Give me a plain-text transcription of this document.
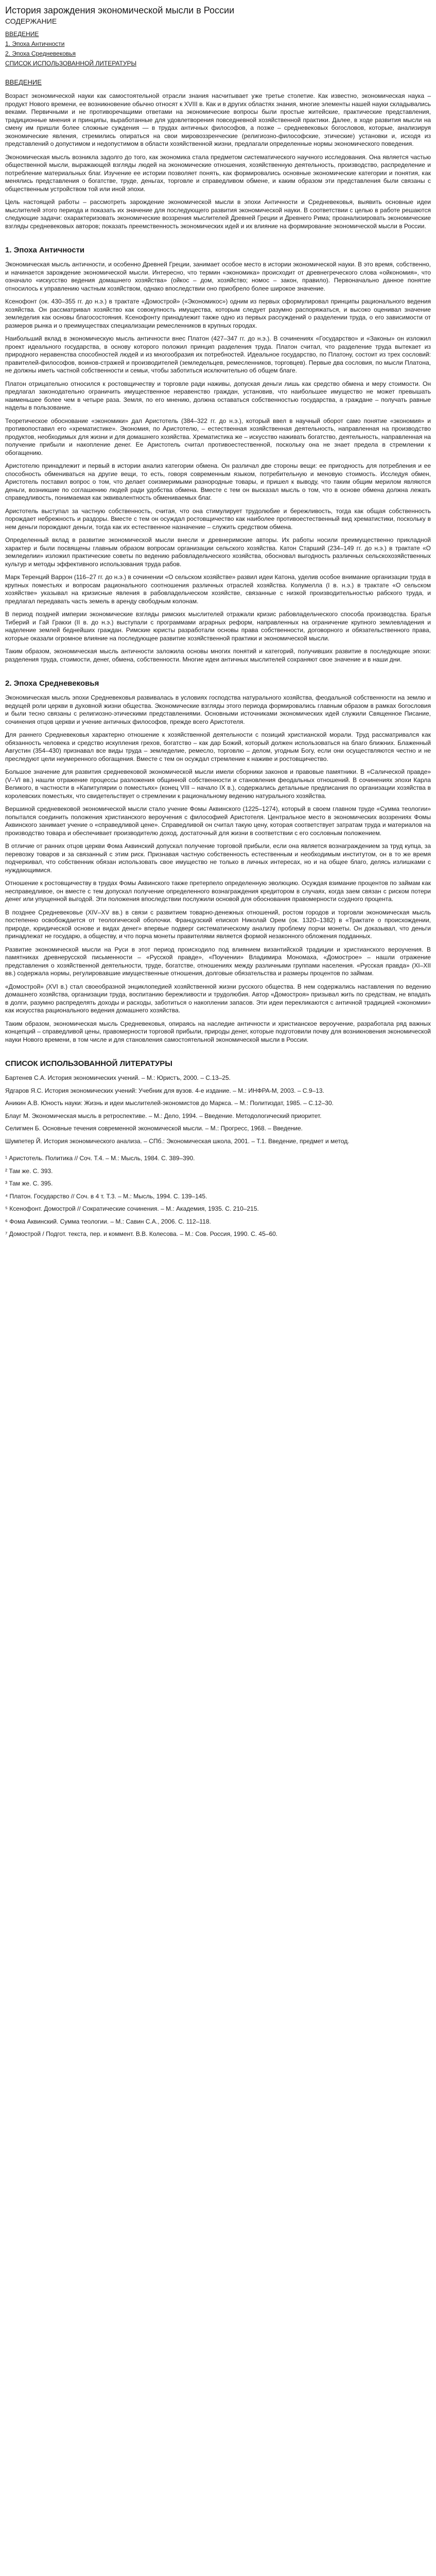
История зарождения экономической мысли в России
СОДЕРЖАНИЕ
ВВЕДЕНИЕ
1. Эпоха Античности
2. Эпоха Средневековья
СПИСОК ИСПОЛЬЗОВАННОЙ ЛИТЕРАТУРЫ
ВВЕДЕНИЕ

Возраст экономической науки как самостоятельной отрасли знания насчитывает уже третье столетие. Как известно, экономическая наука – продукт Нового времени, ее возникновение обычно относят к XVIII в. Как и в других областях знания, многие элементы нашей науки складывались веками. Первичными и не противоречащими ответами на экономические вопросы были простые житейские, практические представления, традиционные мнения и принципы, выработанные для удовлетворения повседневной хозяйственной практики. Далее, в ходе развития мысли на смену им пришли более сложные суждения — в трудах античных философов, а позже – средневековых богословов, которые, анализируя экономические явления, стремились опираться на свои мировоззренческие (религиозно-философские, этические) установки и, исходя из представлений о допустимом и недопустимом в области хозяйственной жизни, предлагали определенные нормы экономического поведения.

Экономическая мысль возникла задолго до того, как экономика стала предметом систематического научного исследования. Она является частью общественной мысли, выражающей взгляды людей на экономические отношения, хозяйственную деятельность, производство, распределение и потребление материальных благ. Изучение ее истории позволяет понять, как формировались основные экономические категории и понятия, как менялись представления о богатстве, труде, деньгах, торговле и справедливом обмене, и каким образом эти представления были связаны с общественным устройством той или иной эпохи.

Цель настоящей работы – рассмотреть зарождение экономической мысли в эпохи Античности и Средневековья, выявить основные идеи мыслителей этого периода и показать их значение для последующего развития экономической науки. В соответствии с целью в работе решаются следующие задачи: охарактеризовать экономические воззрения мыслителей Древней Греции и Древнего Рима; проанализировать экономические взгляды средневековых авторов; показать преемственность экономических идей и их влияние на формирование экономической мысли в России.

1. Эпоха Античности

Экономическая мысль античности, и особенно Древней Греции, занимает особое место в истории экономической науки. В это время, собственно, и начинается зарождение экономической мысли. Интересно, что термин «экономика» происходит от древнегреческого слова «ойкономия», что означало «искусство ведения домашнего хозяйства» (ойкос – дом, хозяйство; номос – закон, правило). Первоначально данное понятие относилось к управлению частным хозяйством, однако впоследствии оно приобрело более широкое значение.

Ксенофонт (ок. 430–355 гг. до н.э.) в трактате «Домострой» («Экономикос») одним из первых сформулировал принципы рационального ведения хозяйства. Он рассматривал хозяйство как совокупность имущества, которым следует разумно распоряжаться, и высоко оценивал значение земледелия как основы благосостояния. Ксенофонту принадлежит также одно из первых рассуждений о разделении труда, о его зависимости от размеров рынка и о преимуществах специализации ремесленников в крупных городах.

Наибольший вклад в экономическую мысль античности внес Платон (427–347 гг. до н.э.). В сочинениях «Государство» и «Законы» он изложил проект идеального государства, в основу которого положил принцип разделения труда. Платон считал, что разделение труда вытекает из природного неравенства способностей людей и из многообразия их потребностей. Идеальное государство, по Платону, состоит из трех сословий: правителей-философов, воинов-стражей и производителей (земледельцев, ремесленников, торговцев). Первые два сословия, по мысли Платона, не должны иметь частной собственности и семьи, чтобы заботиться исключительно об общем благе.

Платон отрицательно относился к ростовщичеству и торговле ради наживы, допуская деньги лишь как средство обмена и меру стоимости. Он предлагал законодательно ограничить имущественное неравенство граждан, установив, что наибольшее имущество не может превышать наименьшее более чем в четыре раза. Земля, по его мнению, должна оставаться собственностью государства, а граждане – получать равные наделы в пользование.

Теоретическое обоснование «экономики» дал Аристотель (384–322 гг. до н.э.), который ввел в научный оборот само понятие «экономия» и противопоставил его «хрематистике». Экономия, по Аристотелю, – естественная хозяйственная деятельность, направленная на производство продуктов, необходимых для жизни и для домашнего хозяйства. Хрематистика же – искусство наживать богатство, деятельность, направленная на получение прибыли и накопление денег. Ее Аристотель считал противоестественной, поскольку она не знает предела в стремлении к обогащению.

Аристотелю принадлежит и первый в истории анализ категории обмена. Он различал две стороны вещи: ее пригодность для потребления и ее способность обмениваться на другие вещи, то есть, говоря современным языком, потребительную и меновую стоимость. Исследуя обмен, Аристотель поставил вопрос о том, что делает соизмеримыми разнородные товары, и пришел к выводу, что таким общим мерилом являются деньги, возникшие по соглашению людей ради удобства обмена. Вместе с тем он высказал мысль о том, что в основе обмена должна лежать справедливость, понимаемая как эквивалентность обмениваемых благ.

Аристотель выступал за частную собственность, считая, что она стимулирует трудолюбие и бережливость, тогда как общая собственность порождает небрежность и раздоры. Вместе с тем он осуждал ростовщичество как наиболее противоестественный вид хрематистики, поскольку в нем деньги порождают деньги, тогда как их естественное назначение – служить средством обмена.

Определенный вклад в развитие экономической мысли внесли и древнеримские авторы. Их работы носили преимущественно прикладной характер и были посвящены главным образом вопросам организации сельского хозяйства. Катон Старший (234–149 гг. до н.э.) в трактате «О земледелии» изложил практические советы по ведению рабовладельческого хозяйства, обосновал выгодность различных сельскохозяйственных культур и методы эффективного использования труда рабов.

Марк Теренций Варрон (116–27 гг. до н.э.) в сочинении «О сельском хозяйстве» развил идеи Катона, уделив особое внимание организации труда в крупных поместьях и вопросам рационального соотношения различных отраслей хозяйства. Колумелла (I в. н.э.) в трактате «О сельском хозяйстве» указывал на кризисные явления в рабовладельческом хозяйстве, связанные с низкой производительностью рабского труда, и предлагал передавать часть земель в аренду свободным колонам.

В период поздней империи экономические взгляды римских мыслителей отражали кризис рабовладельческого способа производства. Братья Тиберий и Гай Гракхи (II в. до н.э.) выступали с программами аграрных реформ, направленных на ограничение крупного землевладения и наделение землей беднейших граждан. Римские юристы разработали основы права собственности, договорного и обязательственного права, которые оказали огромное влияние на последующее развитие хозяйственной практики и экономической мысли.

Таким образом, экономическая мысль античности заложила основы многих понятий и категорий, получивших развитие в последующие эпохи: разделения труда, стоимости, денег, обмена, собственности. Многие идеи античных мыслителей сохраняют свое значение и в наши дни.

2. Эпоха Средневековья

Экономическая мысль эпохи Средневековья развивалась в условиях господства натурального хозяйства, феодальной собственности на землю и ведущей роли церкви в духовной жизни общества. Экономические взгляды этого периода формировались главным образом в рамках богословия и были тесно связаны с религиозно-этическими представлениями. Основными источниками экономических идей служили Священное Писание, сочинения отцов церкви и учение античных философов, прежде всего Аристотеля.

Для раннего Средневековья характерно отношение к хозяйственной деятельности с позиций христианской морали. Труд рассматривался как обязанность человека и средство искупления грехов, богатство – как дар Божий, который должен использоваться на благо ближних. Блаженный Августин (354–430) признавал все виды труда – земледелие, ремесло, торговлю – делом, угодным Богу, если они осуществляются честно и не преследуют цели неумеренного обогащения. Вместе с тем он осуждал стремление к наживе и ростовщичество.

Большое значение для развития средневековой экономической мысли имели сборники законов и правовые памятники. В «Салической правде» (V–VI вв.) нашли отражение процессы разложения общинной собственности и становления феодальных отношений. В сочинениях эпохи Карла Великого, в частности в «Капитулярии о поместьях» (конец VIII – начало IX в.), содержались детальные предписания по организации хозяйства в королевских поместьях, что свидетельствует о стремлении к рациональному ведению натурального хозяйства.

Вершиной средневековой экономической мысли стало учение Фомы Аквинского (1225–1274), который в своем главном труде «Сумма теологии» попытался соединить положения христианского вероучения с философией Аристотеля. Центральное место в экономических воззрениях Фомы Аквинского занимает учение о «справедливой цене». Справедливой он считал такую цену, которая соответствует затратам труда и материалов на производство товара и обеспечивает производителю доход, достаточный для жизни в соответствии с его сословным положением.

В отличие от ранних отцов церкви Фома Аквинский допускал получение торговой прибыли, если она является вознаграждением за труд купца, за перевозку товаров и за связанный с этим риск. Признавая частную собственность естественным и необходимым институтом, он в то же время подчеркивал, что собственник обязан использовать свое имущество не только в личных интересах, но и на общее благо, делясь излишками с нуждающимися.

Отношение к ростовщичеству в трудах Фомы Аквинского также претерпело определенную эволюцию. Осуждая взимание процентов по займам как несправедливое, он вместе с тем допускал получение определенного вознаграждения кредитором в случаях, когда заем связан с риском потери денег или упущенной выгодой. Эти положения впоследствии послужили основой для обоснования правомерности ссудного процента.

В позднее Средневековье (XIV–XV вв.) в связи с развитием товарно-денежных отношений, ростом городов и торговли экономическая мысль постепенно освобождается от теологической оболочки. Французский епископ Николай Орем (ок. 1320–1382) в «Трактате о происхождении, природе, юридической основе и видах денег» впервые подверг систематическому анализу проблему порчи монеты. Он доказывал, что деньги принадлежат не государю, а обществу, и что порча монеты правителями является формой незаконного обложения подданных.

Развитие экономической мысли на Руси в этот период происходило под влиянием византийской традиции и христианского вероучения. В памятниках древнерусской письменности – «Русской правде», «Поучении» Владимира Мономаха, «Домострое» – нашли отражение представления о хозяйственной деятельности, труде, богатстве, отношениях между различными группами населения. «Русская правда» (XI–XII вв.) содержала нормы, регулировавшие имущественные отношения, долговые обязательства и размеры процентов по займам.

«Домострой» (XVI в.) стал своеобразной энциклопедией хозяйственной жизни русского общества. В нем содержались наставления по ведению домашнего хозяйства, организации труда, воспитанию бережливости и трудолюбия. Автор «Домостроя» призывал жить по средствам, не впадать в долги, разумно распределять доходы и расходы, заботиться о накоплении запасов. Эти идеи перекликаются с античной традицией «экономии» как искусства рационального ведения домашнего хозяйства.

Таким образом, экономическая мысль Средневековья, опираясь на наследие античности и христианское вероучение, разработала ряд важных концепций – справедливой цены, правомерности торговой прибыли, природы денег, которые подготовили почву для возникновения экономической науки Нового времени, в том числе и для становления самостоятельной экономической мысли в России.

СПИСОК ИСПОЛЬЗОВАННОЙ ЛИТЕРАТУРЫ
Бартенев С.А. История экономических учений. – М.: Юристъ, 2000. – С.13–25.
Ядгаров Я.С. История экономических учений: Учебник для вузов. 4-е издание. – М.: ИНФРА-М, 2003. – С.9–13.
Аникин А.В. Юность науки: Жизнь и идеи мыслителей-экономистов до Маркса. – М.: Политиздат, 1985. – С.12–30.
Блауг М. Экономическая мысль в ретроспективе. – М.: Дело, 1994. – Введение. Методологический приоритет.
Селигмен Б. Основные течения современной экономической мысли. – М.: Прогресс, 1968. – Введение.
Шумпетер Й. История экономического анализа. – СПб.: Экономическая школа, 2001. – Т.1. Введение, предмет и метод.

¹ Аристотель. Политика // Соч. Т.4. – М.: Мысль, 1984. С. 389–390.

² Там же. С. 393.

³ Там же. С. 395.

⁴ Платон. Государство // Соч. в 4 т. Т.3. – М.: Мысль, 1994. С. 139–145.

⁵ Ксенофонт. Домострой // Сократические сочинения. – М.: Академия, 1935. С. 210–215.

⁶ Фома Аквинский. Сумма теологии. – М.: Савин С.А., 2006. С. 112–118.

⁷ Домострой / Подгот. текста, пер. и коммент. В.В. Колесова. – М.: Сов. Россия, 1990. С. 45–60.
